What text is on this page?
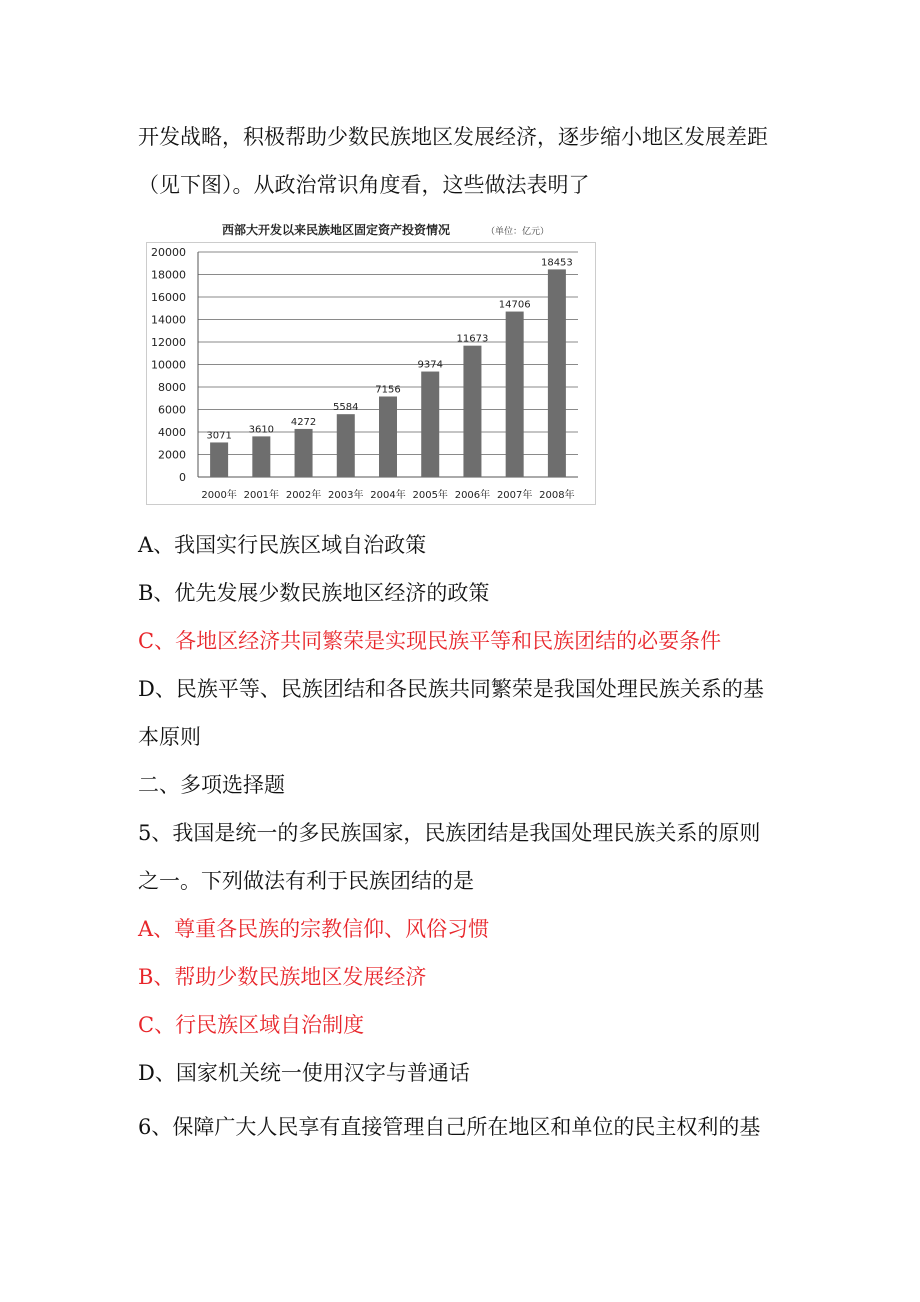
开发战略，积极帮助少数民族地区发展经济，逐步缩小地区发展差距
（见下图）。从政治常识角度看，这些做法表明了
A、我国实行民族区域自治政策
B、优先发展少数民族地区经济的政策
C、各地区经济共同繁荣是实现民族平等和民族团结的必要条件
D、民族平等、民族团结和各民族共同繁荣是我国处理民族关系的基
本原则
二、多项选择题
5、我国是统一的多民族国家，民族团结是我国处理民族关系的原则
之一。下列做法有利于民族团结的是
A、尊重各民族的宗教信仰、风俗习惯
B、帮助少数民族地区发展经济
C、行民族区域自治制度
D、国家机关统一使用汉字与普通话
6、保障广大人民享有直接管理自己所在地区和单位的民主权利的基
西部大开发以来民族地区固定资产投资情况	（单位：亿元）
0
2000
4000
6000
8000
10000
12000
14000
16000
18000
20000
3071
2000年
3610
2001年
4272
2002年
5584
2003年
7156
2004年
9374
2005年
11673
2006年
14706
2007年
18453
2008年
